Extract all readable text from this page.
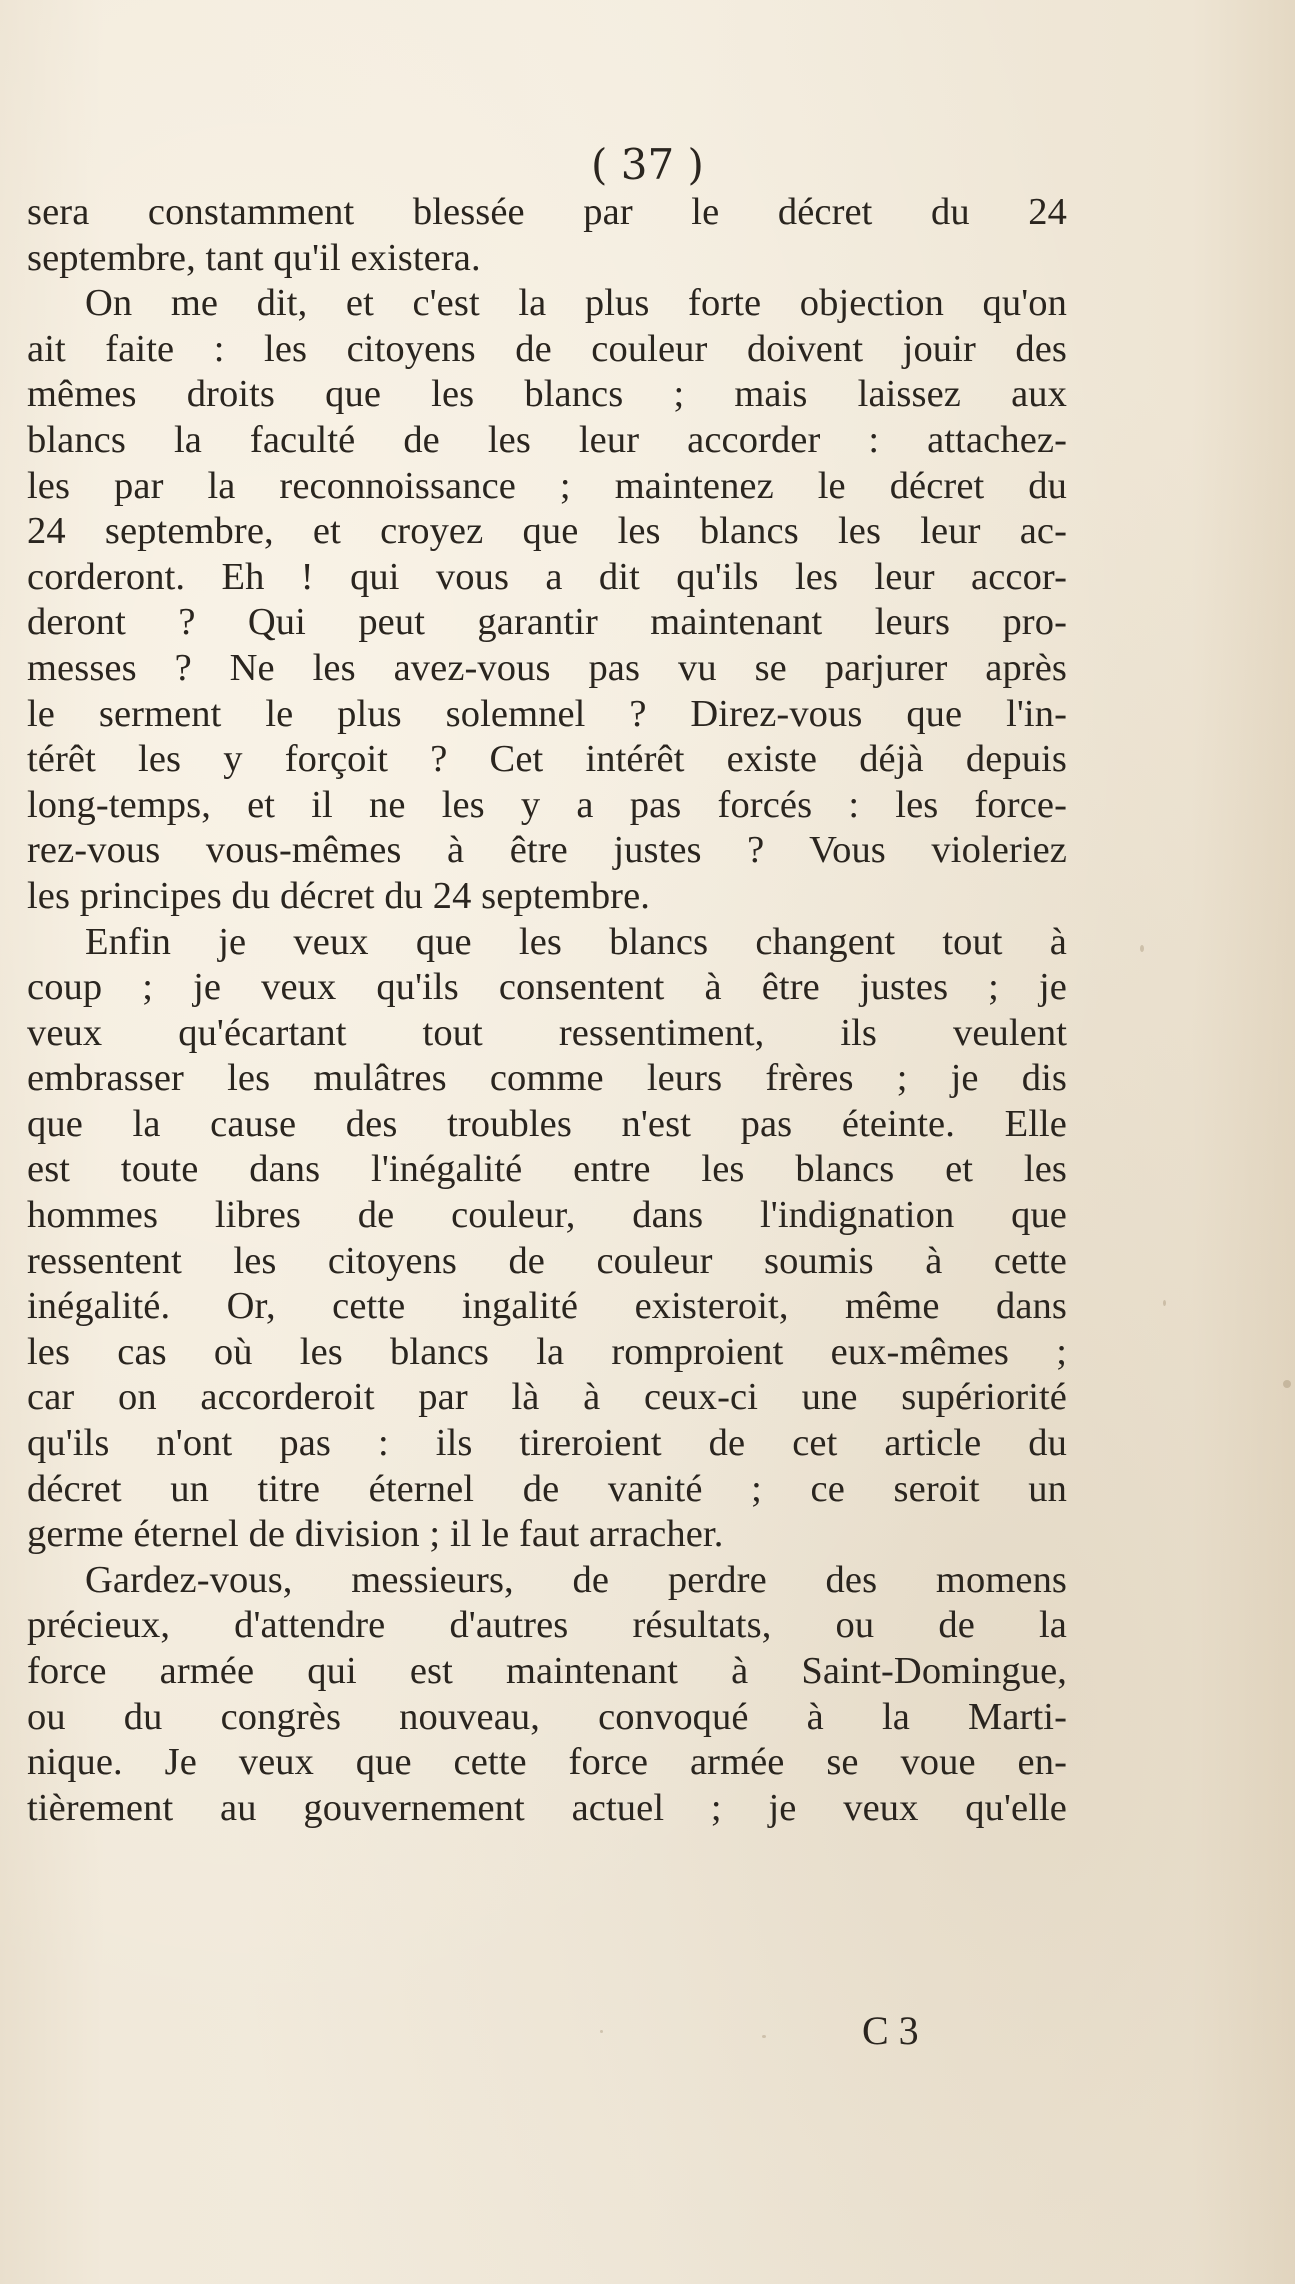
( 37 )

sera constamment blessée par le décret du 24
septembre, tant qu'il existera.
On me dit, et c'est la plus forte objection qu'on
ait faite : les citoyens de couleur doivent jouir des
mêmes droits que les blancs ; mais laissez aux
blancs la faculté de les leur accorder : attachez-
les par la reconnoissance ; maintenez le décret du
24 septembre, et croyez que les blancs les leur ac-
corderont. Eh ! qui vous a dit qu'ils les leur accor-
deront ? Qui peut garantir maintenant leurs pro-
messes ? Ne les avez-vous pas vu se parjurer après
le serment le plus solemnel ? Direz-vous que l'in-
térêt les y forçoit ? Cet intérêt existe déjà depuis
long-temps, et il ne les y a pas forcés : les force-
rez-vous vous-mêmes à être justes ? Vous violeriez
les principes du décret du 24 septembre.
Enfin je veux que les blancs changent tout à
coup ; je veux qu'ils consentent à être justes ; je
veux qu'écartant tout ressentiment, ils veulent
embrasser les mulâtres comme leurs frères ; je dis
que la cause des troubles n'est pas éteinte. Elle
est toute dans l'inégalité entre les blancs et les
hommes libres de couleur, dans l'indignation que
ressentent les citoyens de couleur soumis à cette
inégalité. Or, cette ingalité existeroit, même dans
les cas où les blancs la romproient eux-mêmes ;
car on accorderoit par là à ceux-ci une supériorité
qu'ils n'ont pas : ils tireroient de cet article du
décret un titre éternel de vanité ; ce seroit un
germe éternel de division ; il le faut arracher.
Gardez-vous, messieurs, de perdre des momens
précieux, d'attendre d'autres résultats, ou de la
force armée qui est maintenant à Saint-Domingue,
ou du congrès nouveau, convoqué à la Marti-
nique. Je veux que cette force armée se voue en-
tièrement au gouvernement actuel ; je veux qu'elle

C 3
